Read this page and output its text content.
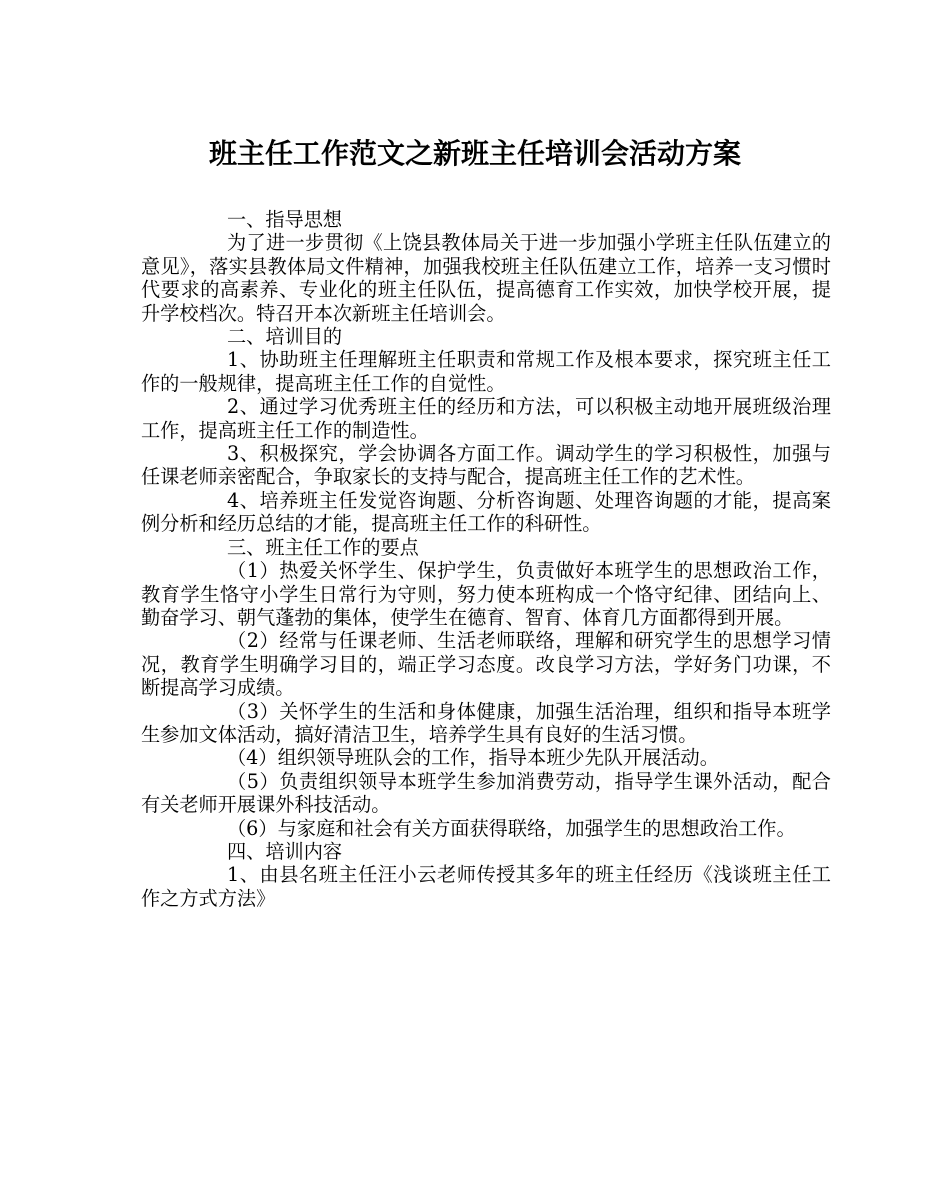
班主任工作范文之新班主任培训会活动方案

一、指导思想

为了进一步贯彻《上饶县教体局关于进一步加强小学班主任队伍建立的意见》，落实县教体局文件精神，加强我校班主任队伍建立工作，培养一支习惯时代要求的高素养、专业化的班主任队伍，提高德育工作实效，加快学校开展，提升学校档次。特召开本次新班主任培训会。

二、培训目的

1、协助班主任理解班主任职责和常规工作及根本要求，探究班主任工作的一般规律，提高班主任工作的自觉性。

2、通过学习优秀班主任的经历和方法，可以积极主动地开展班级治理工作，提高班主任工作的制造性。

3、积极探究，学会协调各方面工作。调动学生的学习积极性，加强与任课老师亲密配合，争取家长的支持与配合，提高班主任工作的艺术性。

4、培养班主任发觉咨询题、分析咨询题、处理咨询题的才能，提高案例分析和经历总结的才能，提高班主任工作的科研性。

三、班主任工作的要点

（1）热爱关怀学生、保护学生，负责做好本班学生的思想政治工作，教育学生恪守小学生日常行为守则，努力使本班构成一个恪守纪律、团结向上、勤奋学习、朝气蓬勃的集体，使学生在德育、智育、体育几方面都得到开展。

（2）经常与任课老师、生活老师联络，理解和研究学生的思想学习情况，教育学生明确学习目的，端正学习态度。改良学习方法，学好务门功课，不断提高学习成绩。

（3）关怀学生的生活和身体健康，加强生活治理，组织和指导本班学生参加文体活动，搞好清洁卫生，培养学生具有良好的生活习惯。

（4）组织领导班队会的工作，指导本班少先队开展活动。

（5）负责组织领导本班学生参加消费劳动，指导学生课外活动，配合有关老师开展课外科技活动。

（6）与家庭和社会有关方面获得联络，加强学生的思想政治工作。

四、培训内容

1、由县名班主任汪小云老师传授其多年的班主任经历《浅谈班主任工作之方式方法》
